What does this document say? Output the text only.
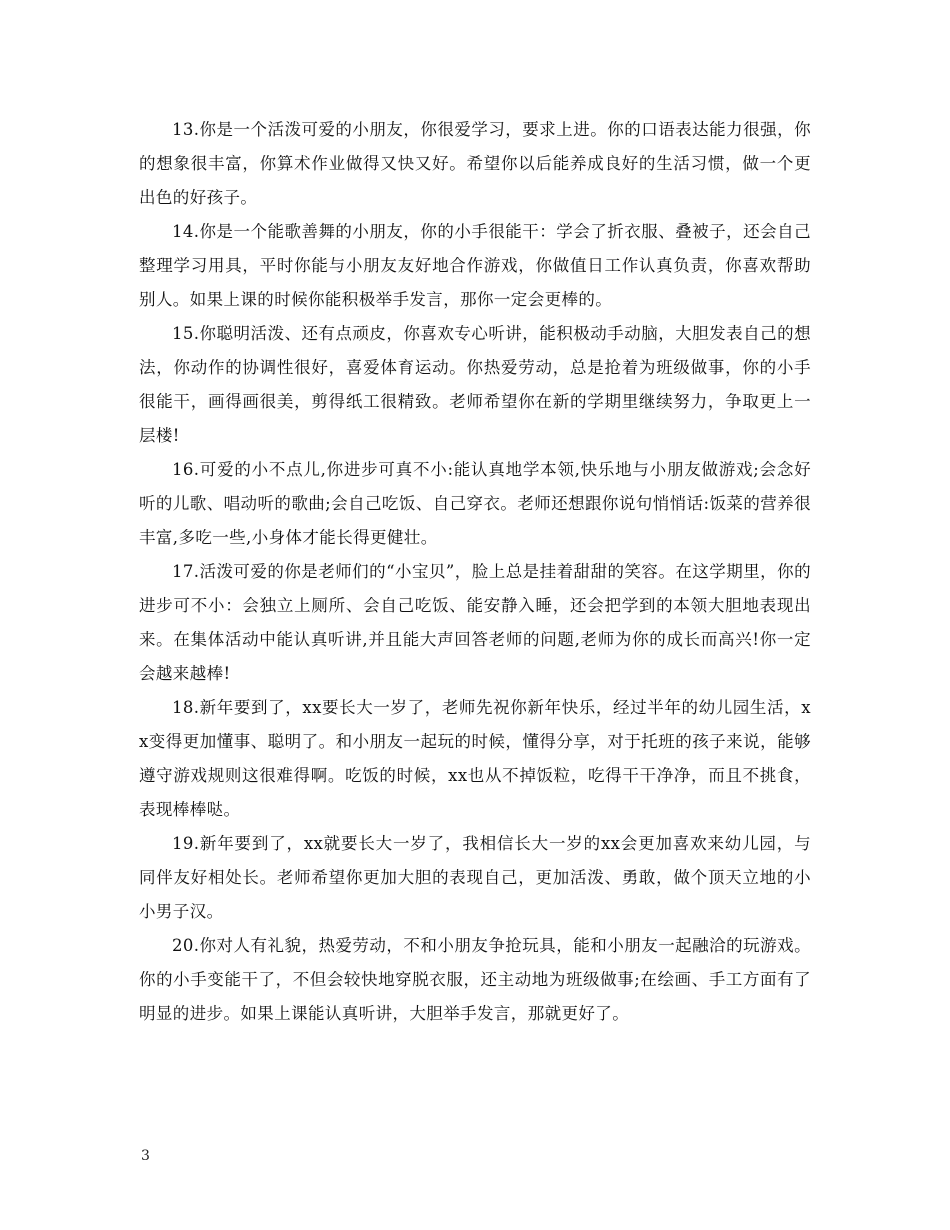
13.你是一个活泼可爱的小朋友，你很爱学习，要求上进。你的口语表达能力很强，你的想象很丰富，你算术作业做得又快又好。希望你以后能养成良好的生活习惯，做一个更出色的好孩子。

14.你是一个能歌善舞的小朋友，你的小手很能干：学会了折衣服、叠被子，还会自己整理学习用具，平时你能与小朋友友好地合作游戏，你做值日工作认真负责，你喜欢帮助别人。如果上课的时候你能积极举手发言，那你一定会更棒的。

15.你聪明活泼、还有点顽皮，你喜欢专心听讲，能积极动手动脑，大胆发表自己的想法，你动作的协调性很好，喜爱体育运动。你热爱劳动，总是抢着为班级做事，你的小手很能干，画得画很美，剪得纸工很精致。老师希望你在新的学期里继续努力，争取更上一层楼!

16.可爱的小不点儿,你进步可真不小:能认真地学本领,快乐地与小朋友做游戏;会念好听的儿歌、唱动听的歌曲;会自己吃饭、自己穿衣。老师还想跟你说句悄悄话:饭菜的营养很丰富,多吃一些,小身体才能长得更健壮。

17.活泼可爱的你是老师们的“小宝贝”，脸上总是挂着甜甜的笑容。在这学期里，你的进步可不小：会独立上厕所、会自己吃饭、能安静入睡，还会把学到的本领大胆地表现出来。在集体活动中能认真听讲,并且能大声回答老师的问题,老师为你的成长而高兴!你一定会越来越棒!

18.新年要到了，xx要长大一岁了，老师先祝你新年快乐，经过半年的幼儿园生活，xx变得更加懂事、聪明了。和小朋友一起玩的时候，懂得分享，对于托班的孩子来说，能够遵守游戏规则这很难得啊。吃饭的时候，xx也从不掉饭粒，吃得干干净净，而且不挑食，表现棒棒哒。

19.新年要到了，xx就要长大一岁了，我相信长大一岁的xx会更加喜欢来幼儿园，与同伴友好相处长。老师希望你更加大胆的表现自己，更加活泼、勇敢，做个顶天立地的小小男子汉。

20.你对人有礼貌，热爱劳动，不和小朋友争抢玩具，能和小朋友一起融洽的玩游戏。你的小手变能干了，不但会较快地穿脱衣服，还主动地为班级做事;在绘画、手工方面有了明显的进步。如果上课能认真听讲，大胆举手发言，那就更好了。

3
